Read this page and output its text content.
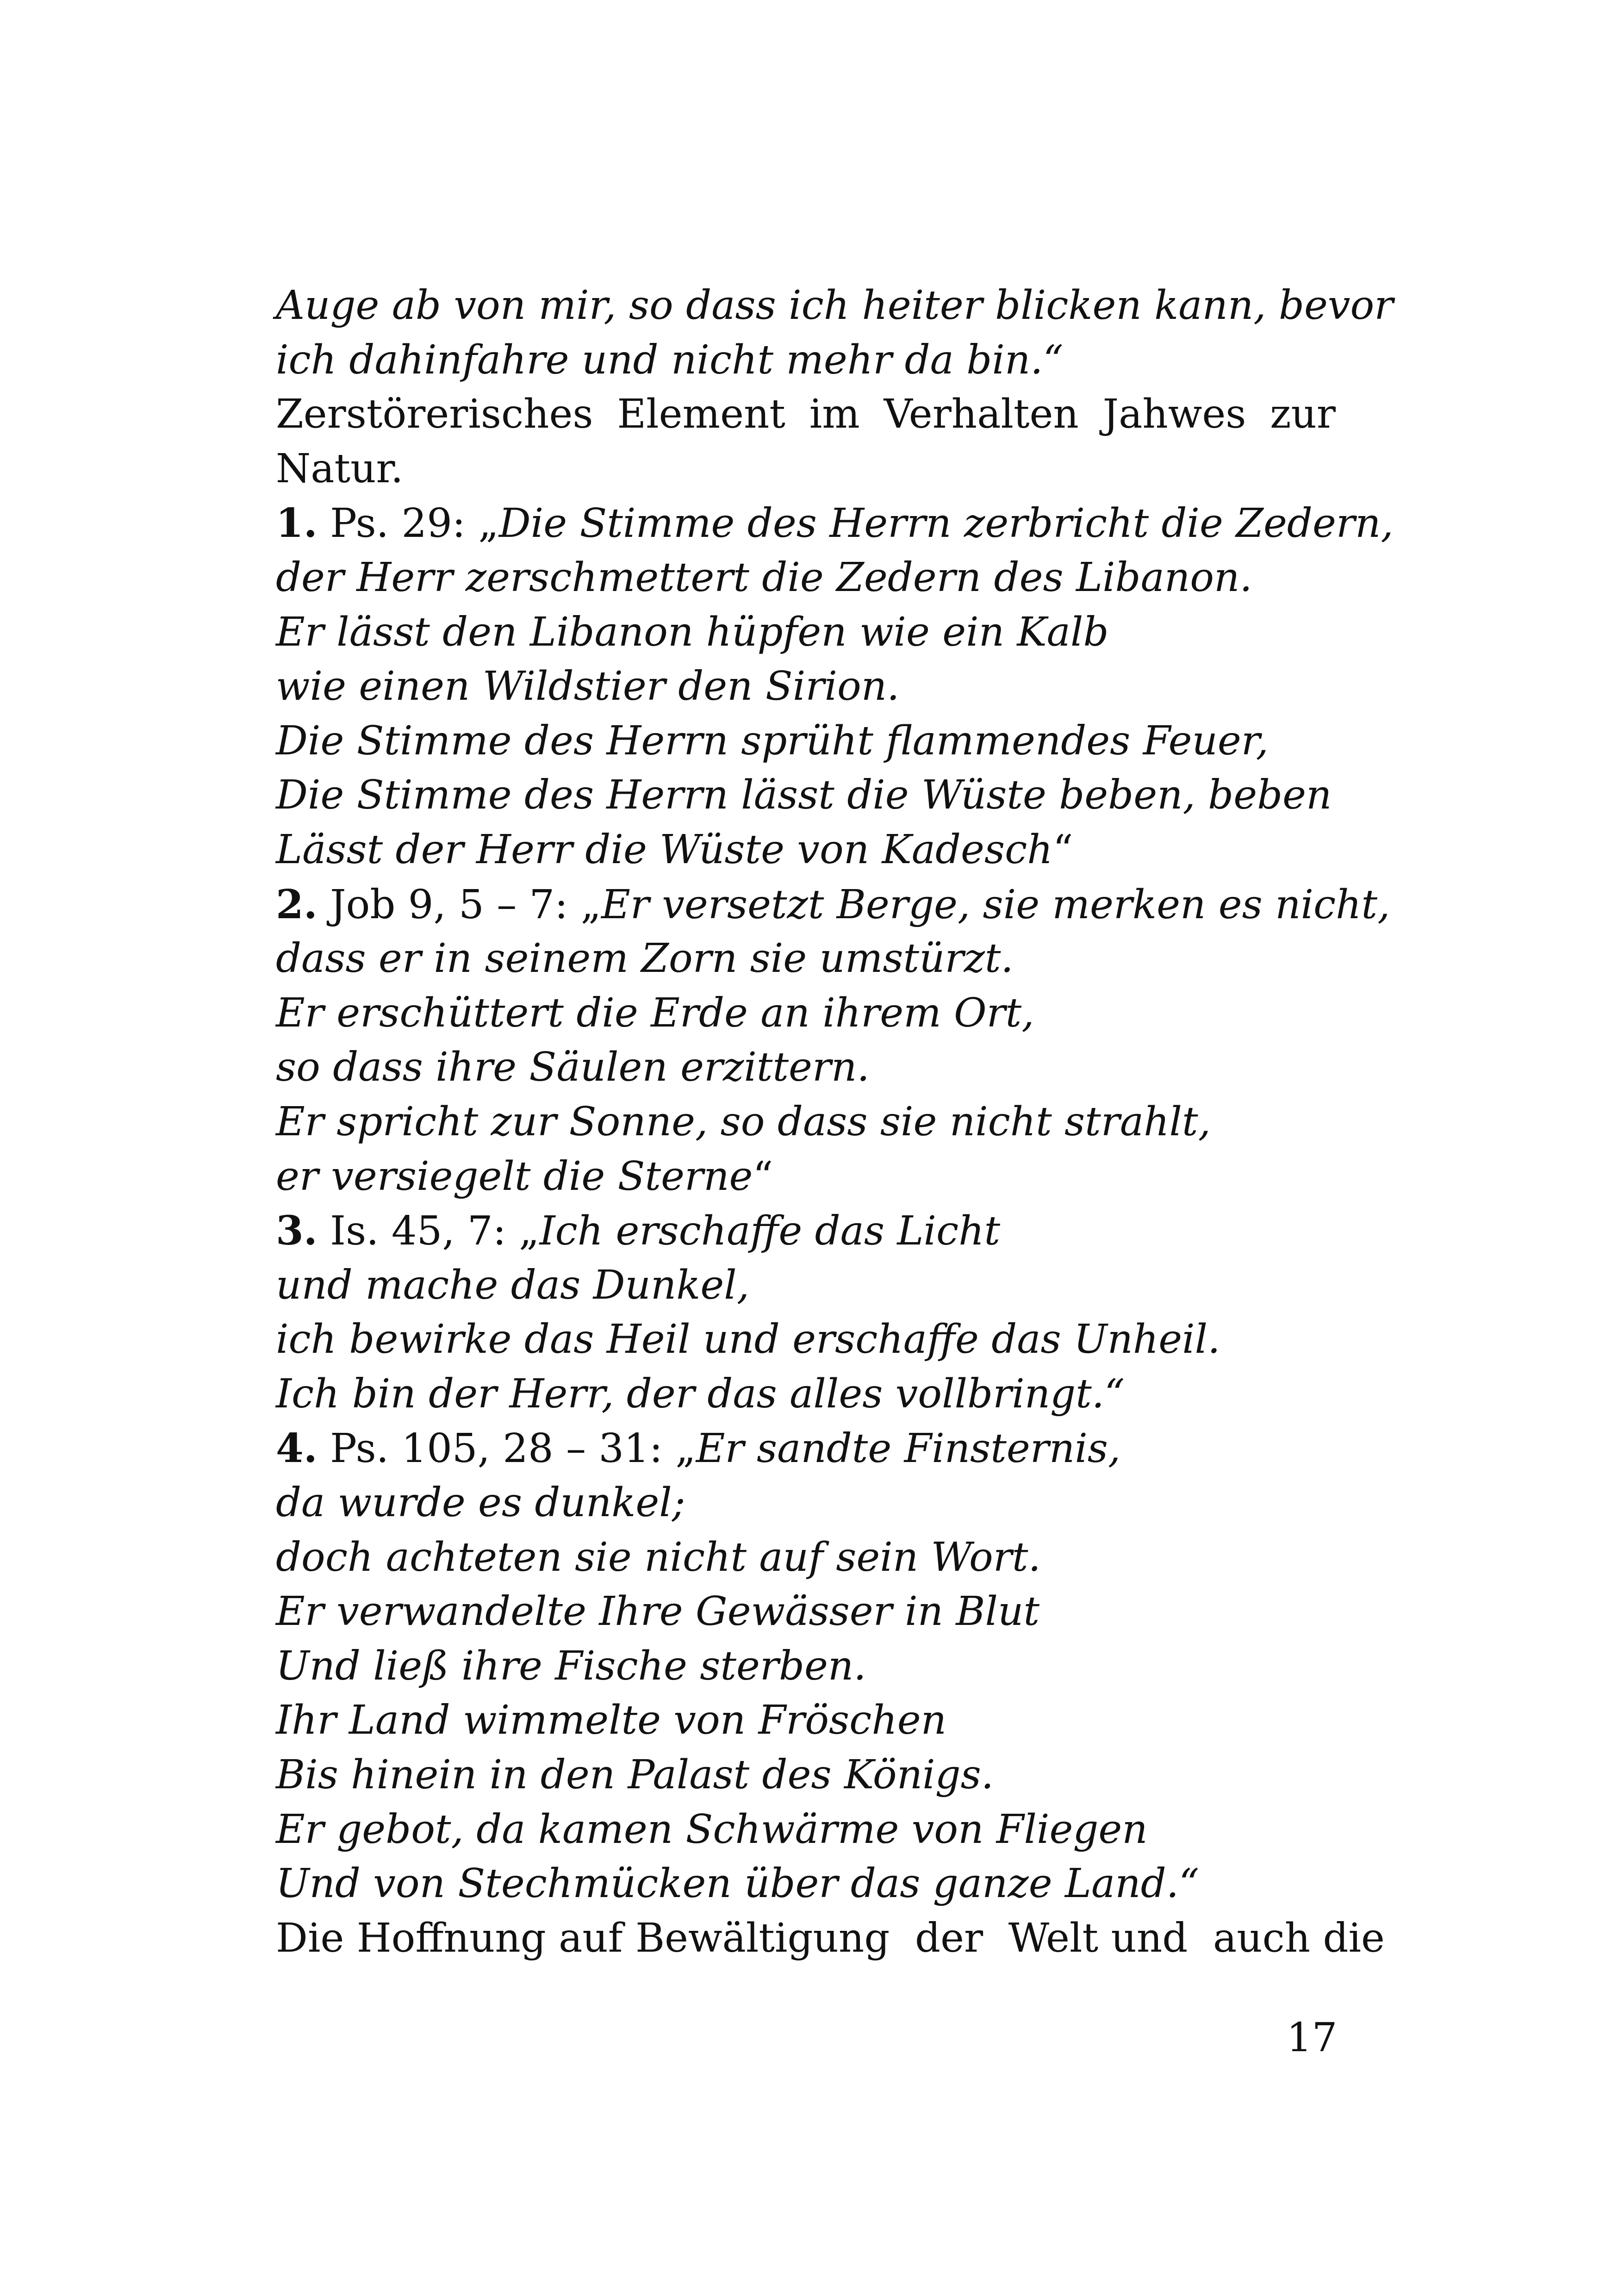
Auge ab von mir, so dass ich heiter blicken kann, bevor
ich dahinfahre und nicht mehr da bin.“
Zerstörerisches Element im Verhalten Jahwes zur
Natur.
1. Ps. 29: „Die Stimme des Herrn zerbricht die Zedern,
der Herr zerschmettert die Zedern des Libanon.
Er lässt den Libanon hüpfen wie ein Kalb
wie einen Wildstier den Sirion.
Die Stimme des Herrn sprüht flammendes Feuer,
Die Stimme des Herrn lässt die Wüste beben, beben
Lässt der Herr die Wüste von Kadesch“
2. Job 9, 5 – 7: „Er versetzt Berge, sie merken es nicht,
dass er in seinem Zorn sie umstürzt.
Er erschüttert die Erde an ihrem Ort,
so dass ihre Säulen erzittern.
Er spricht zur Sonne, so dass sie nicht strahlt,
er versiegelt die Sterne“
3. Is. 45, 7: „Ich erschaffe das Licht
und mache das Dunkel,
ich bewirke das Heil und erschaffe das Unheil.
Ich bin der Herr, der das alles vollbringt.“
4. Ps. 105, 28 – 31: „Er sandte Finsternis,
da wurde es dunkel;
doch achteten sie nicht auf sein Wort.
Er verwandelte Ihre Gewässer in Blut
Und ließ ihre Fische sterben.
Ihr Land wimmelte von Fröschen
Bis hinein in den Palast des Königs.
Er gebot, da kamen Schwärme von Fliegen
Und von Stechmücken über das ganze Land.“
Die Hoffnung auf Bewältigung  der  Welt und  auch die
17
